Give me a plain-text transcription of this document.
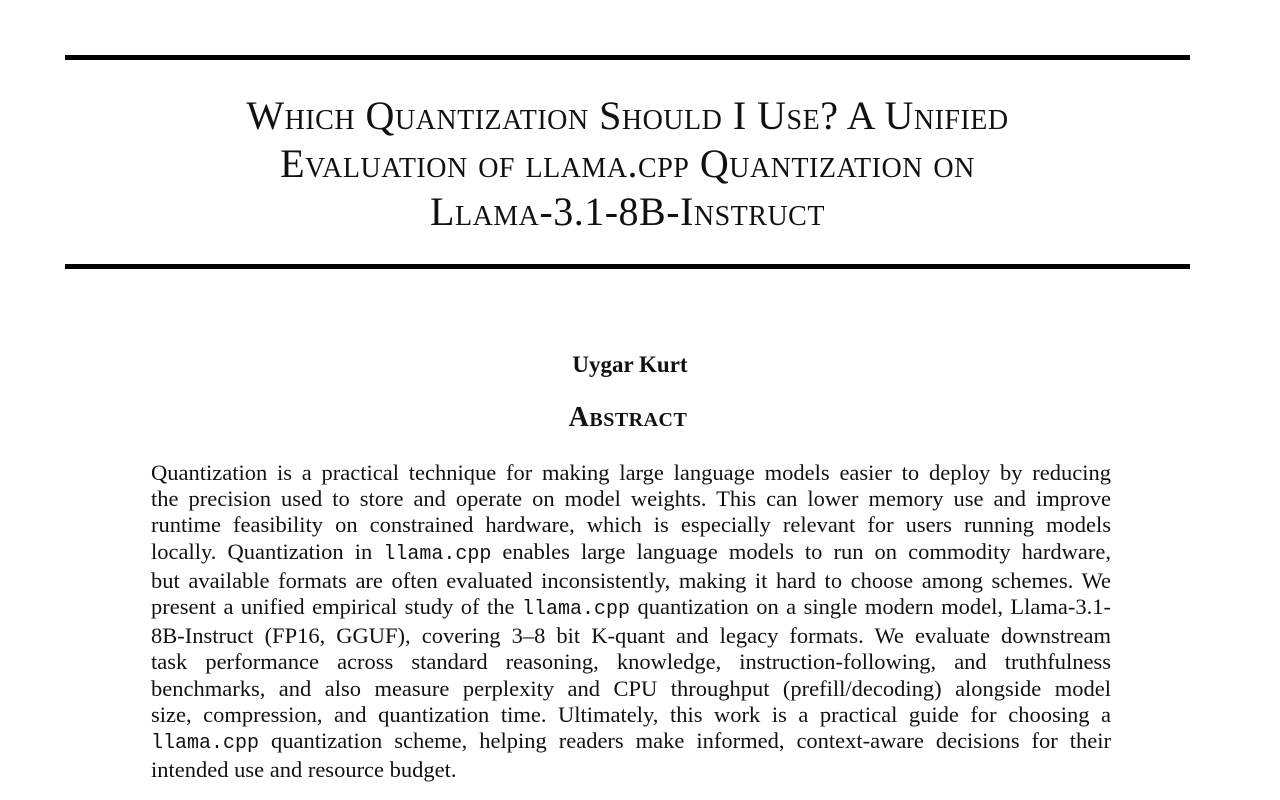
Which Quantization Should I Use? A Unified
Evaluation of llama.cpp Quantization on
Llama-3.1-8B-Instruct
Uygar Kurt
Abstract
Quantization is a practical technique for making large language models easier to deploy by reducing
the precision used to store and operate on model weights. This can lower memory use and improve
runtime feasibility on constrained hardware, which is especially relevant for users running models
locally. Quantization in llama.cpp enables large language models to run on commodity hardware,
but available formats are often evaluated inconsistently, making it hard to choose among schemes. We
present a unified empirical study of the llama.cpp quantization on a single modern model, Llama-3.1-
8B-Instruct (FP16, GGUF), covering 3–8 bit K-quant and legacy formats. We evaluate downstream
task performance across standard reasoning, knowledge, instruction-following, and truthfulness
benchmarks, and also measure perplexity and CPU throughput (prefill/decoding) alongside model
size, compression, and quantization time. Ultimately, this work is a practical guide for choosing a
llama.cpp quantization scheme, helping readers make informed, context-aware decisions for their
intended use and resource budget.
